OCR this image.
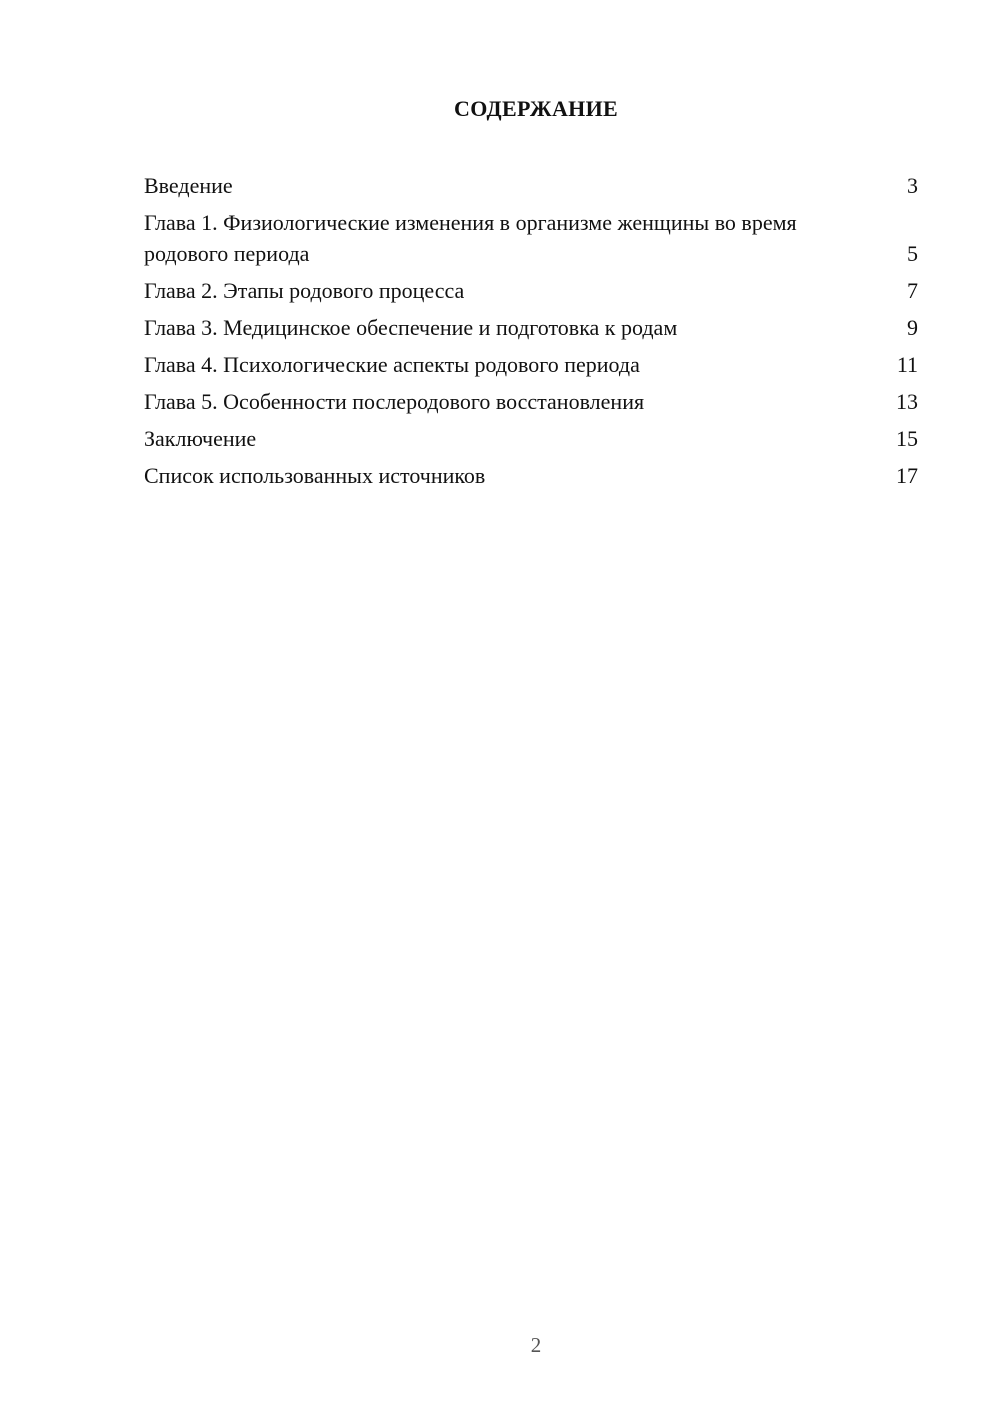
СОДЕРЖАНИЕ
Введение	3
Глава 1. Физиологические изменения в организме женщины во время родового периода	5
Глава 2. Этапы родового процесса	7
Глава 3. Медицинское обеспечение и подготовка к родам	9
Глава 4. Психологические аспекты родового периода	11
Глава 5. Особенности послеродового восстановления	13
Заключение	15
Список использованных источников	17
2
